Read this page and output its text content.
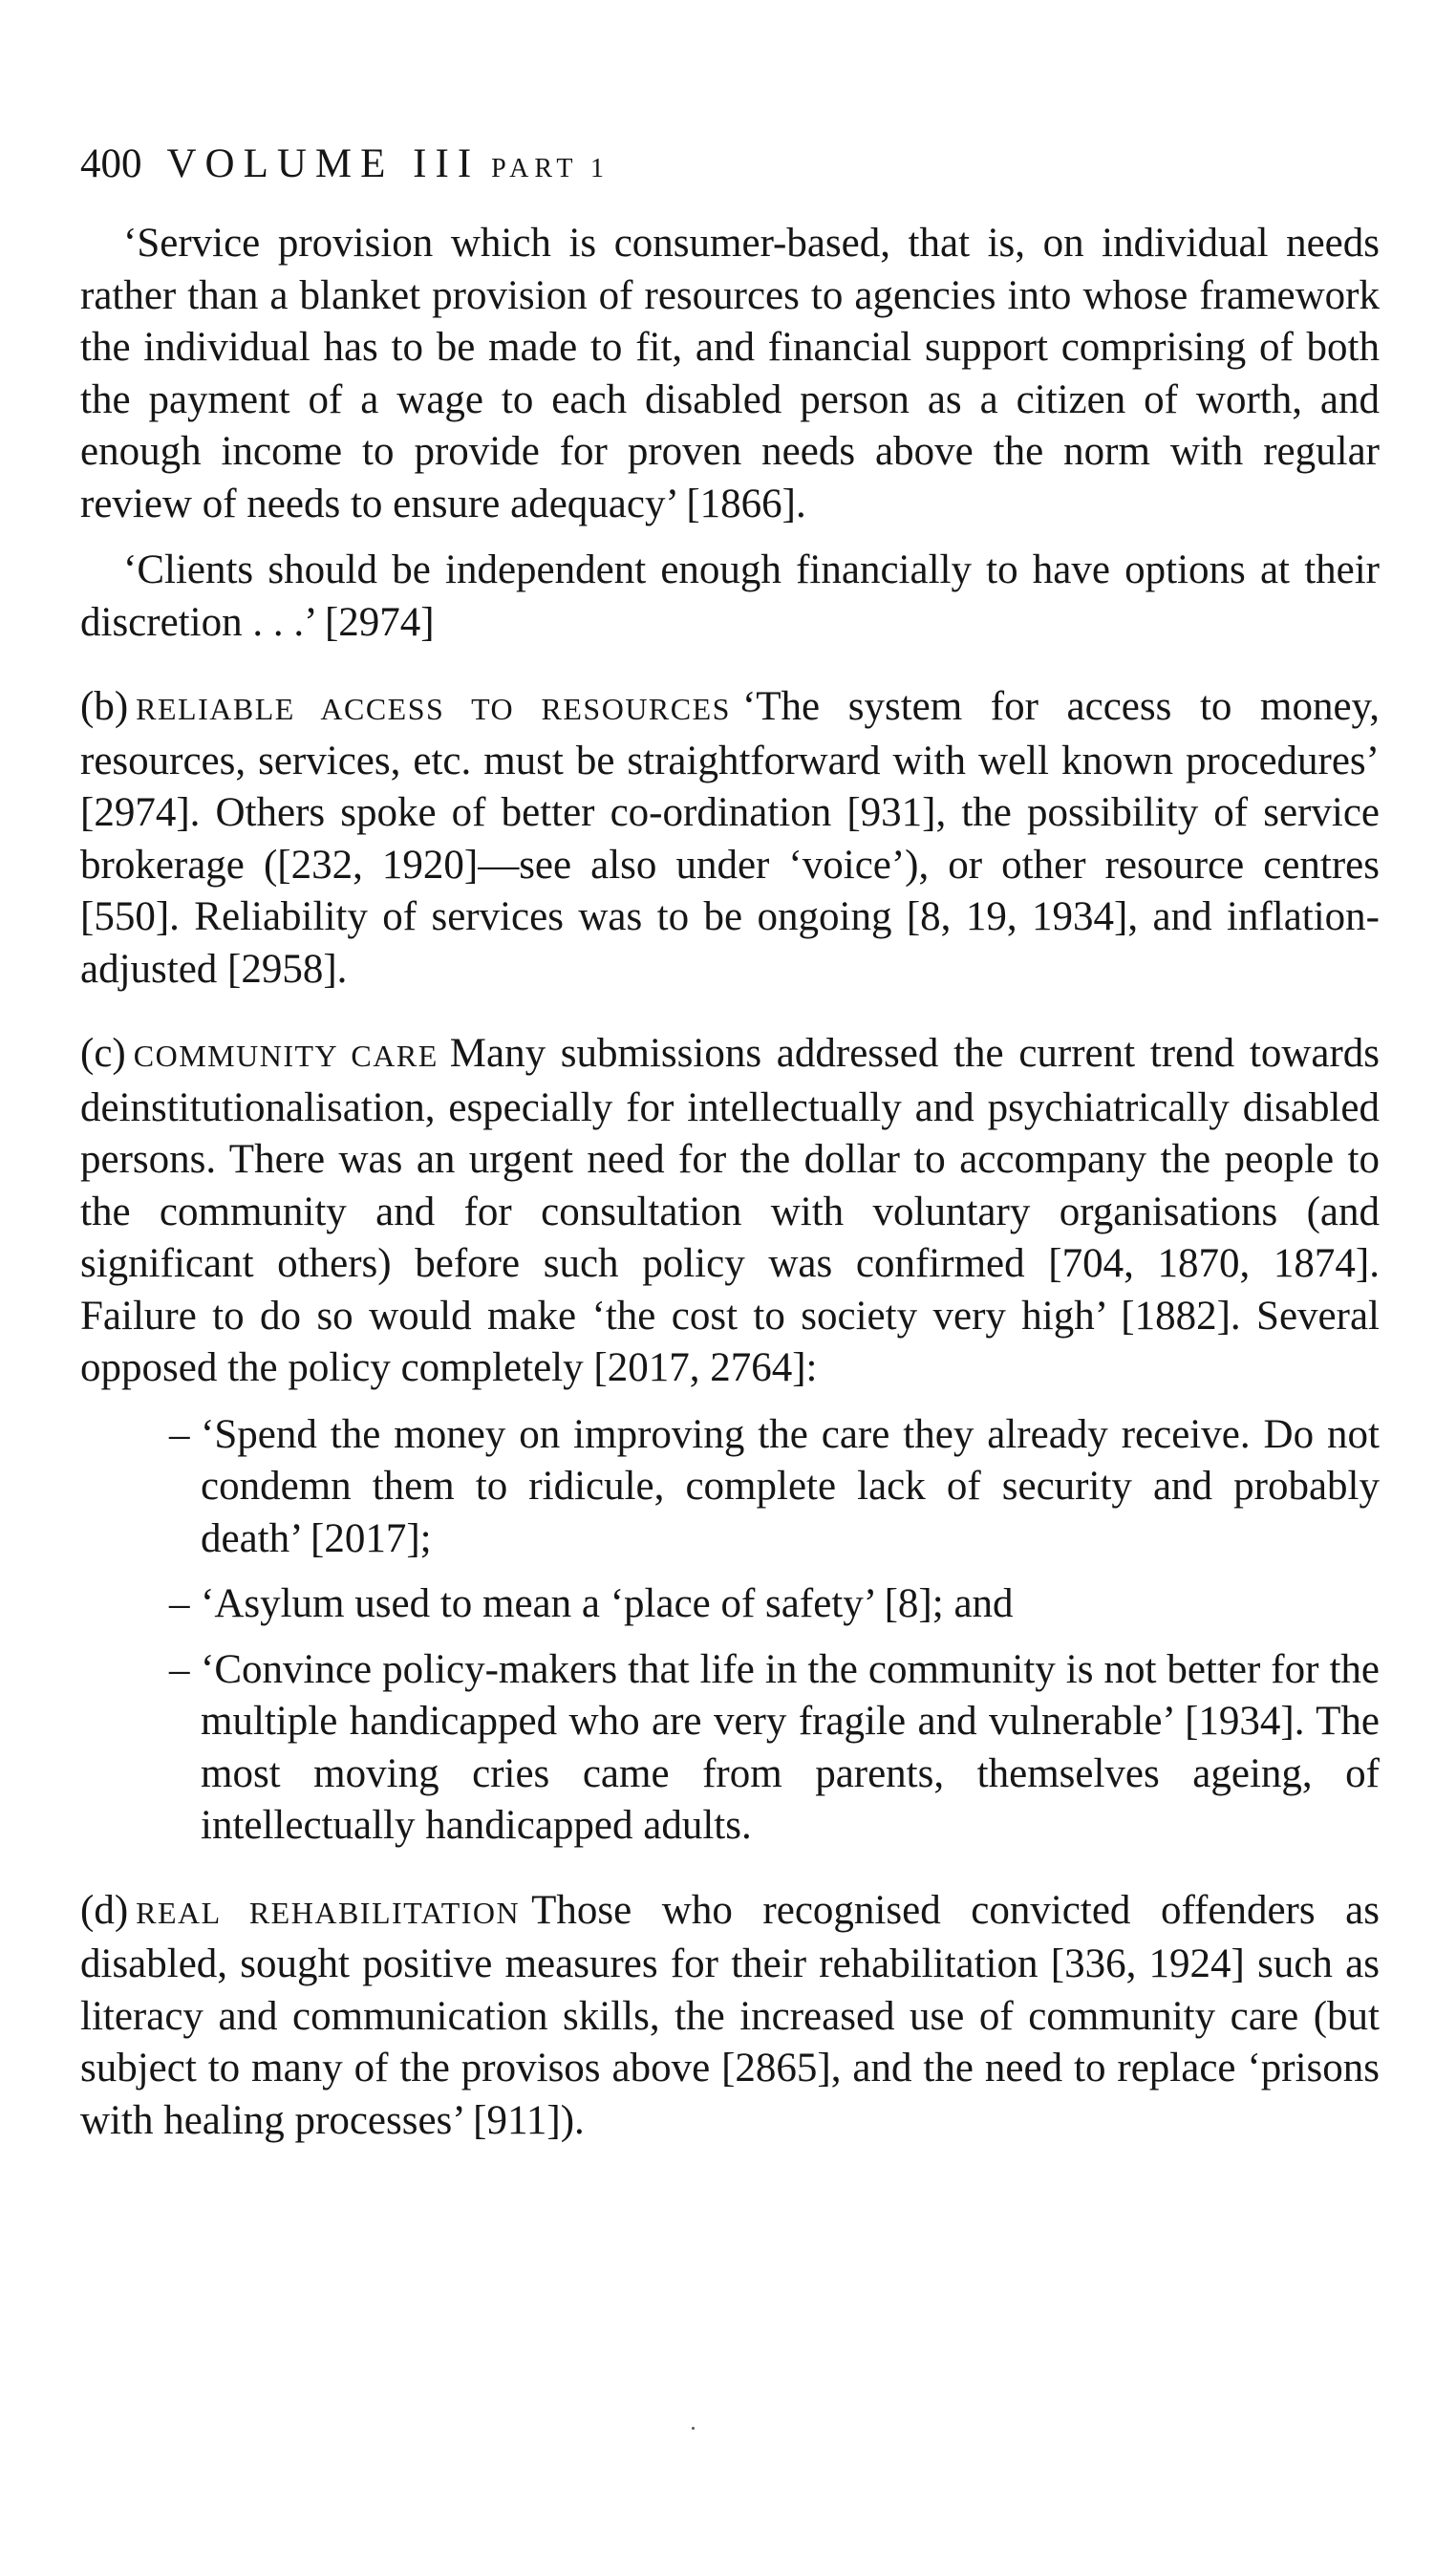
400 VOLUME III PART 1

‘Service provision which is consumer-based, that is, on individual needs rather than a blanket provision of resources to agencies into whose framework the individual has to be made to fit, and financial support comprising of both the payment of a wage to each disabled person as a citizen of worth, and enough income to provide for proven needs above the norm with regular review of needs to ensure adequacy’ [1866].

‘Clients should be independent enough financially to have options at their discretion . . .’ [2974]

(b) RELIABLE ACCESS TO RESOURCES ‘The system for access to money, resources, services, etc. must be straightforward with well known procedures’ [2974]. Others spoke of better co-ordination [931], the possibility of service brokerage ([232, 1920]—see also under ‘voice’), or other resource centres [550]. Reliability of services was to be ongoing [8, 19, 1934], and inflation-adjusted [2958].

(c) COMMUNITY CARE Many submissions addressed the current trend towards deinstitutionalisation, especially for intellectually and psychiatrically disabled persons. There was an urgent need for the dollar to accompany the people to the community and for consultation with voluntary organisations (and significant others) before such policy was confirmed [704, 1870, 1874]. Failure to do so would make ‘the cost to society very high’ [1882]. Several opposed the policy completely [2017, 2764]:

– ‘Spend the money on improving the care they already receive. Do not condemn them to ridicule, complete lack of security and probably death’ [2017];
– ‘Asylum used to mean a ‘place of safety’ [8]; and
– ‘Convince policy-makers that life in the community is not better for the multiple handicapped who are very fragile and vulnerable’ [1934]. The most moving cries came from parents, themselves ageing, of intellectually handicapped adults.

(d) REAL REHABILITATION Those who recognised convicted offenders as disabled, sought positive measures for their rehabilitation [336, 1924] such as literacy and communication skills, the increased use of community care (but subject to many of the provisos above [2865], and the need to replace ‘prisons with healing processes’ [911]).
